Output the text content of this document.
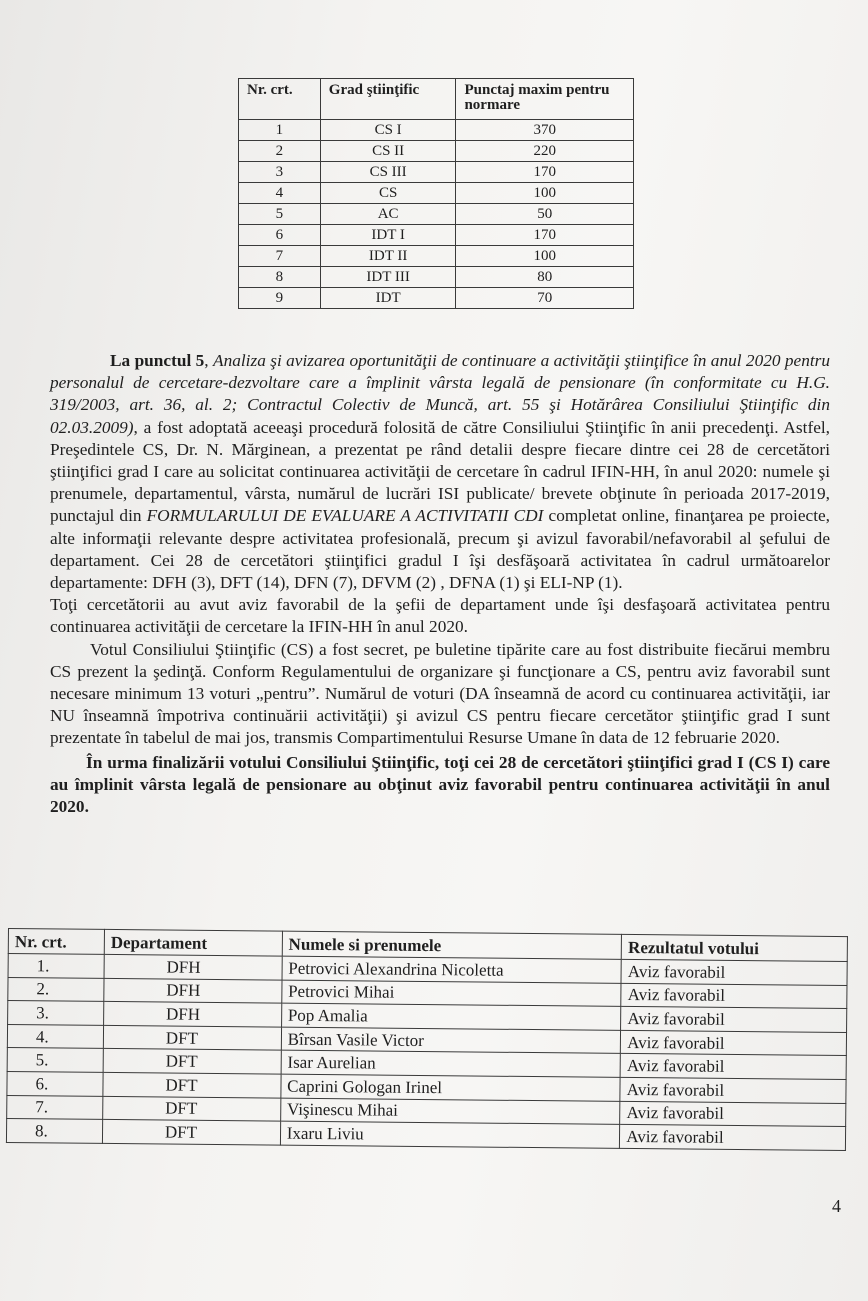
Nr. crt.	Grad ştiinţific	Punctaj maxim pentru normare
1	CS I	370
2	CS II	220
3	CS III	170
4	CS	100
5	AC	50
6	IDT I	170
7	IDT II	100
8	IDT III	80
9	IDT	70

La punctul 5, Analiza şi avizarea oportunităţii de continuare a activităţii ştiinţifice în anul 2020 pentru personalul de cercetare-dezvoltare care a împlinit vârsta legală de pensionare (în conformitate cu H.G. 319/2003, art. 36, al. 2; Contractul Colectiv de Muncă, art. 55 şi Hotărârea Consiliului Ştiinţific din 02.03.2009), a fost adoptată aceeaşi procedură folosită de către Consiliului Ştiinţific în anii precedenţi. Astfel, Preşedintele CS, Dr. N. Mărginean, a prezentat pe rând detalii despre fiecare dintre cei 28 de cercetători ştiinţifici grad I care au solicitat continuarea activităţii de cercetare în cadrul IFIN-HH, în anul 2020: numele şi prenumele, departamentul, vârsta, numărul de lucrări ISI publicate/ brevete obţinute în perioada 2017-2019, punctajul din FORMULARULUI DE EVALUARE A ACTIVITATII CDI completat online, finanţarea pe proiecte, alte informaţii relevante despre activitatea profesională, precum şi avizul favorabil/nefavorabil al şefului de departament. Cei 28 de cercetători ştiinţifici gradul I îşi desfăşoară activitatea în cadrul următoarelor departamente: DFH (3), DFT (14), DFN (7), DFVM (2) , DFNA (1) şi ELI-NP (1).

Toţi cercetătorii au avut aviz favorabil de la şefii de departament unde îşi desfaşoară activitatea pentru continuarea activităţii de cercetare la IFIN-HH în anul 2020.

Votul Consiliului Ştiinţific (CS) a fost secret, pe buletine tipărite care au fost distribuite fiecărui membru CS prezent la şedinţă. Conform Regulamentului de organizare şi funcţionare a CS, pentru aviz favorabil sunt necesare minimum 13 voturi „pentru”. Numărul de voturi (DA înseamnă de acord cu continuarea activităţii, iar NU înseamnă împotriva continuării activităţii) şi avizul CS pentru fiecare cercetător ştiinţific grad I sunt prezentate în tabelul de mai jos, transmis Compartimentului Resurse Umane în data de 12 februarie 2020.

În urma finalizării votului Consiliului Ştiinţific, toţi cei 28 de cercetători ştiinţifici grad I (CS I) care au împlinit vârsta legală de pensionare au obţinut aviz favorabil pentru continuarea activităţii în anul 2020.

Nr. crt.	Departament	Numele si prenumele	Rezultatul votului
1.	DFH	Petrovici Alexandrina Nicoletta	Aviz favorabil
2.	DFH	Petrovici Mihai	Aviz favorabil
3.	DFH	Pop Amalia	Aviz favorabil
4.	DFT	Bîrsan Vasile Victor	Aviz favorabil
5.	DFT	Isar Aurelian	Aviz favorabil
6.	DFT	Caprini Gologan Irinel	Aviz favorabil
7.	DFT	Vişinescu Mihai	Aviz favorabil
8.	DFT	Ixaru Liviu	Aviz favorabil
4
